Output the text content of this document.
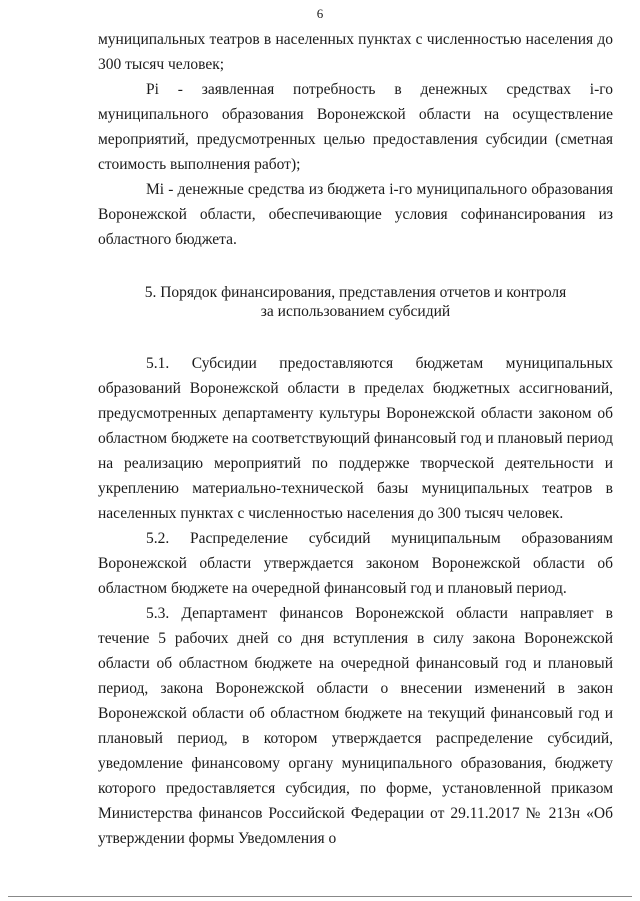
6

муниципальных театров в населенных пунктах с численностью населения до 300 тысяч человек;

Pi - заявленная потребность в денежных средствах i-го муниципального образования Воронежской области на осуществление мероприятий, предусмотренных целью предоставления субсидии (сметная стоимость выполнения работ);

Mi - денежные средства из бюджета i-го муниципального образования Воронежской области, обеспечивающие условия софинансирования из областного бюджета.

5. Порядок финансирования, представления отчетов и контроля
за использованием субсидий

5.1. Субсидии предоставляются бюджетам муниципальных образований Воронежской области в пределах бюджетных ассигнований, предусмотренных департаменту культуры Воронежской области законом об областном бюджете на соответствующий финансовый год и плановый период на реализацию мероприятий по поддержке творческой деятельности и укреплению материально-технической базы муниципальных театров в населенных пунктах с численностью населения до 300 тысяч человек.

5.2. Распределение субсидий муниципальным образованиям Воронежской области утверждается законом Воронежской области об областном бюджете на очередной финансовый год и плановый период.

5.3. Департамент финансов Воронежской области направляет в течение 5 рабочих дней со дня вступления в силу закона Воронежской области об областном бюджете на очередной финансовый год и плановый период, закона Воронежской области о внесении изменений в закон Воронежской области об областном бюджете на текущий финансовый год и плановый период, в котором утверждается распределение субсидий, уведомление финансовому органу муниципального образования, бюджету которого предоставляется субсидия, по форме, установленной приказом Министерства финансов Российской Федерации от 29.11.2017 № 213н «Об утверждении формы Уведомления о
